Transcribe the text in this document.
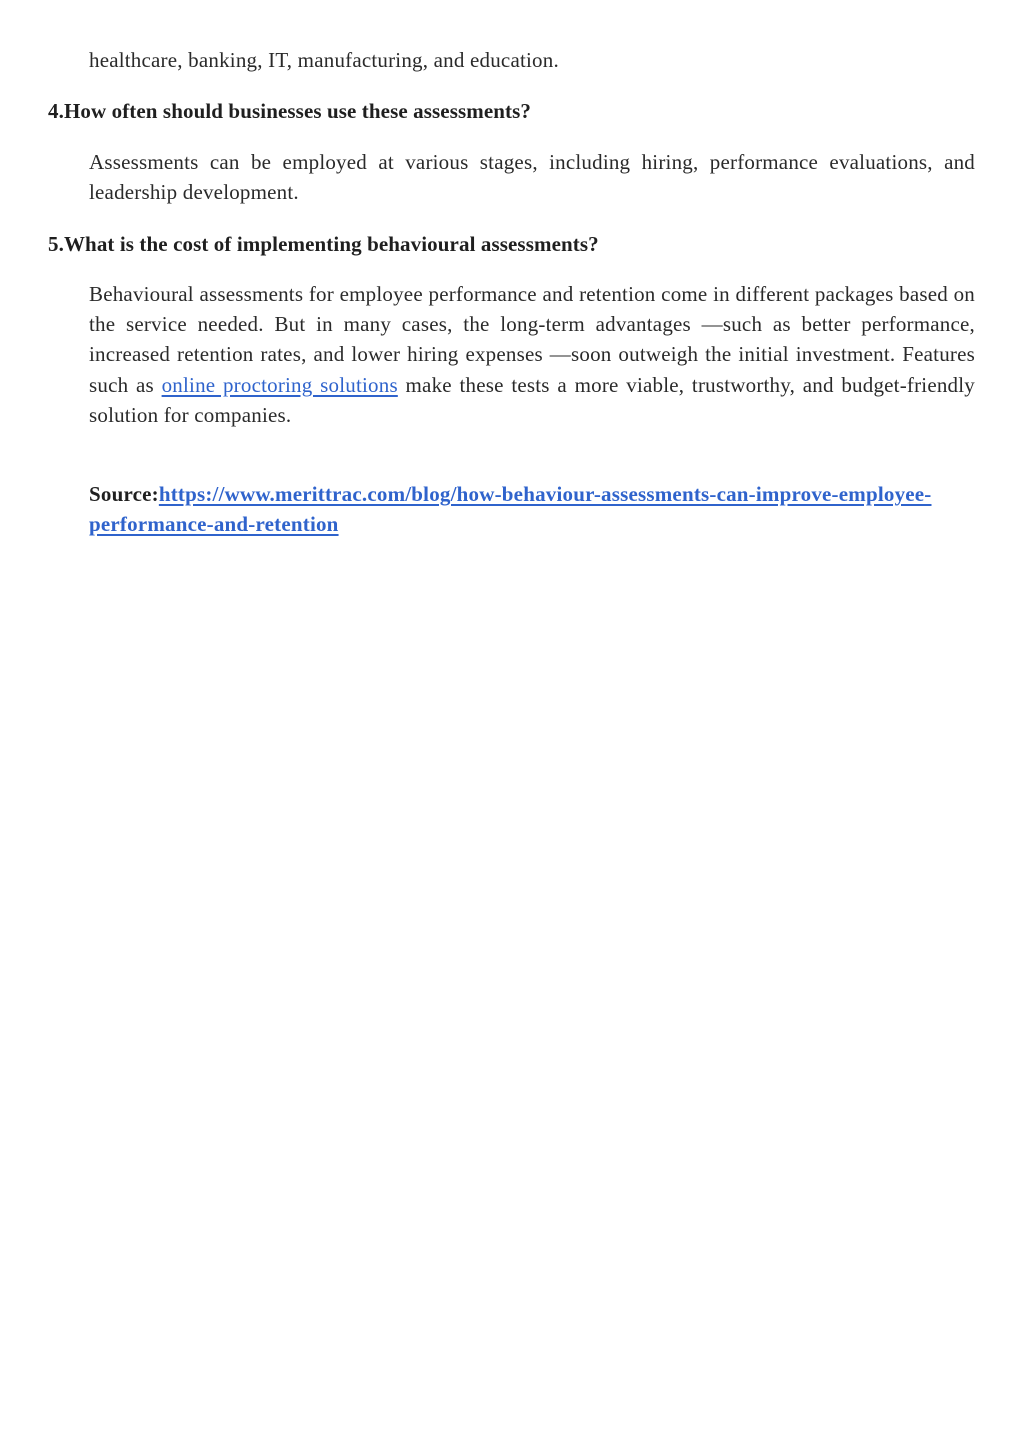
healthcare, banking, IT, manufacturing, and education.

4.How often should businesses use these assessments?

Assessments can be employed at various stages, including hiring, performance evaluations, and leadership development.

5.What is the cost of implementing behavioural assessments?

Behavioural assessments for employee performance and retention come in different packages based on the service needed. But in many cases, the long-term advantages —such as better performance, increased retention rates, and lower hiring expenses —soon outweigh the initial investment. Features such as online proctoring solutions make these tests a more viable, trustworthy, and budget-friendly solution for companies.

Source:https://www.merittrac.com/blog/how-behaviour-assessments-can-improve-employee-performance-and-retention
